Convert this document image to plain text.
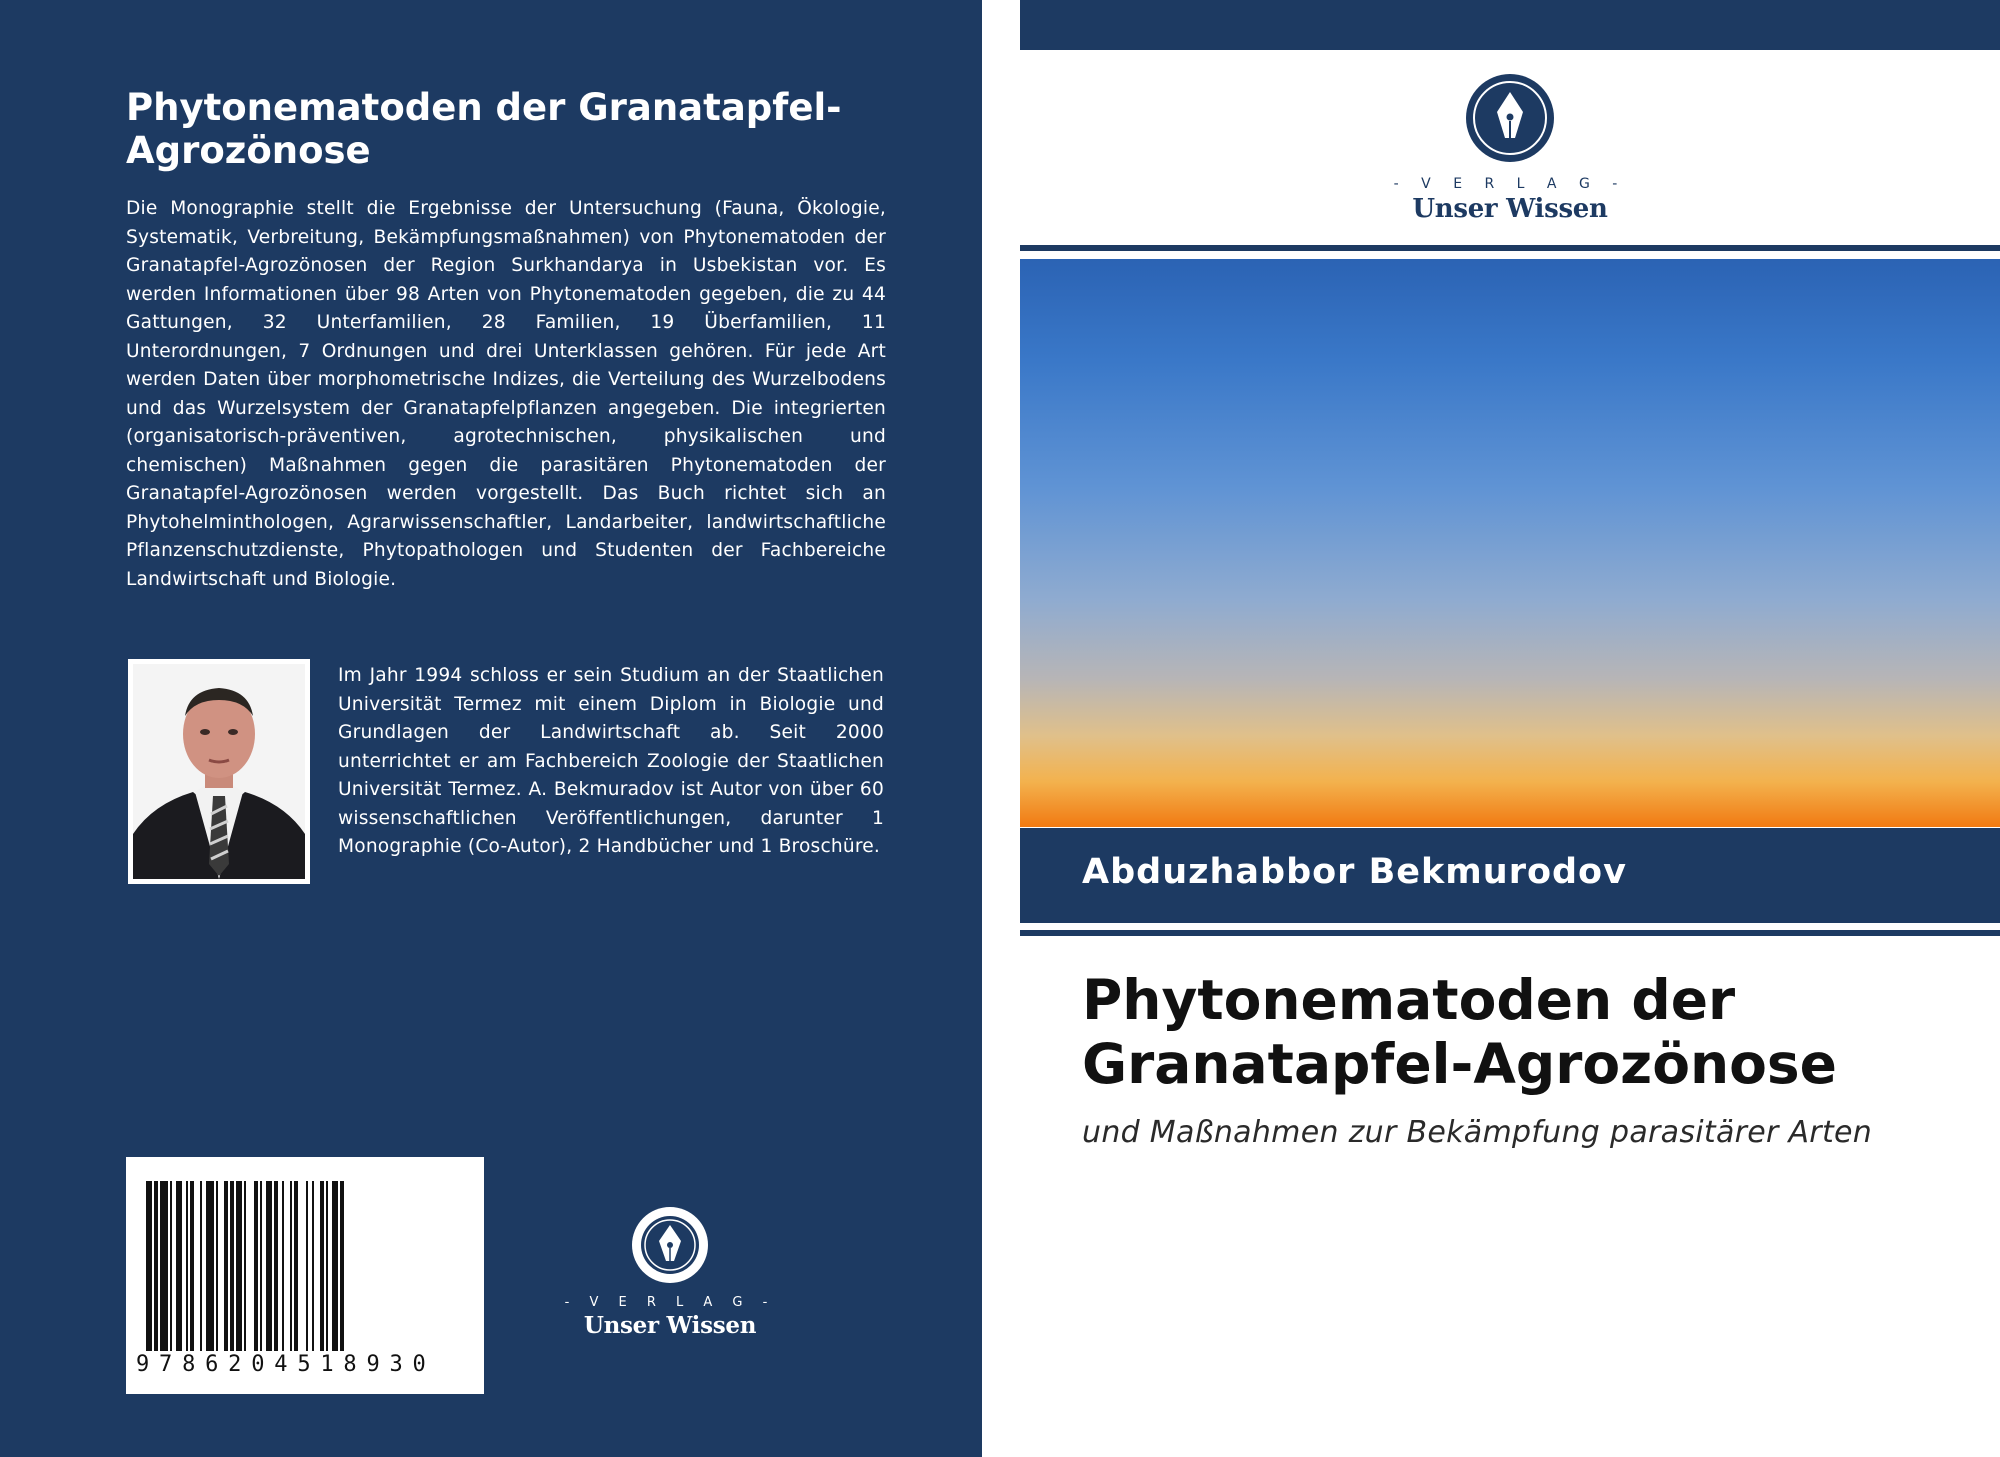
Phytonematoden der Granatapfel-Agrozönose

Die Monographie stellt die Ergebnisse der Untersuchung (Fauna, Ökologie, Systematik, Verbreitung, Bekämpfungsmaßnahmen) von Phytonematoden der Granatapfel-Agrozönosen der Region Surkhandarya in Usbekistan vor. Es werden Informationen über 98 Arten von Phytonematoden gegeben, die zu 44 Gattungen, 32 Unterfamilien, 28 Familien, 19 Überfamilien, 11 Unterordnungen, 7 Ordnungen und drei Unterklassen gehören. Für jede Art werden Daten über morphometrische Indizes, die Verteilung des Wurzelbodens und das Wurzelsystem der Granatapfelpflanzen angegeben. Die integrierten (organisatorisch-präventiven, agrotechnischen, physikalischen und chemischen) Maßnahmen gegen die parasitären Phytonematoden der Granatapfel-Agrozönosen werden vorgestellt. Das Buch richtet sich an Phytohelminthologen, Agrarwissenschaftler, Landarbeiter, landwirtschaftliche Pflanzenschutzdienste, Phytopathologen und Studenten der Fachbereiche Landwirtschaft und Biologie.

Im Jahr 1994 schloss er sein Studium an der Staatlichen Universität Termez mit einem Diplom in Biologie und Grundlagen der Landwirtschaft ab. Seit 2000 unterrichtet er am Fachbereich Zoologie der Staatlichen Universität Termez. A. Bekmuradov ist Autor von über 60 wissenschaftlichen Veröffentlichungen, darunter 1 Monographie (Co-Autor), 2 Handbücher und 1 Broschüre.

9786204518930
- V E R L A G -
Unser Wissen
- V E R L A G -
Unser Wissen
Abduzhabbor Bekmurodov
Phytonematoden der Granatapfel-Agrozönose

und Maßnahmen zur Bekämpfung parasitärer Arten
